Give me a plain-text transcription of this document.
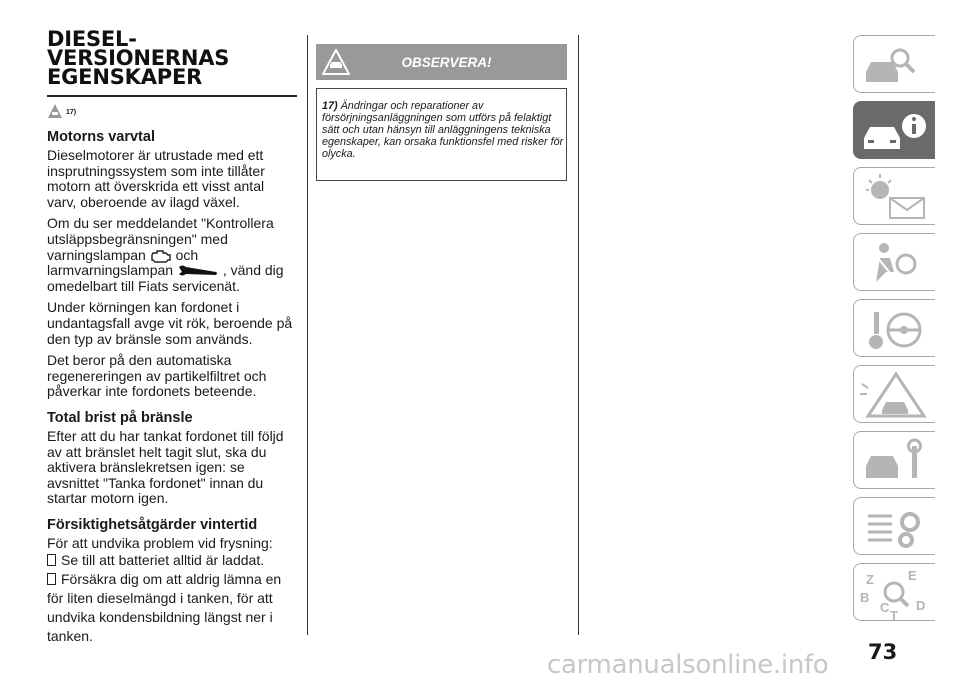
DIESEL-
VERSIONERNAS
EGENSKAPER
17)
Motorns varvtal

Dieselmotorer är utrustade med ett insprutningssystem som inte tillåter motorn att överskrida ett visst antal varv, oberoende av ilagd växel.

Om du ser meddelandet "Kontrollera utsläppsbegränsningen" med varningslampan och larmvarningslampan	, vänd dig omedelbart till Fiats servicenät.

Under körningen kan fordonet i undantagsfall avge vit rök, beroende på den typ av bränsle som används.

Det beror på den automatiska regenereringen av partikelfiltret och påverkar inte fordonets beteende.

Total brist på bränsle

Efter att du har tankat fordonet till följd av att bränslet helt tagit slut, ska du aktivera bränslekretsen igen: se avsnittet "Tanka fordonet" innan du startar motorn igen.

Försiktighetsåtgärder vintertid

För att undvika problem vid frysning:

Se till att batteriet alltid är laddat.
Försäkra dig om att aldrig lämna en
för liten dieselmängd i tanken, för att
undvika kondensbildning längst ner i
tanken.
OBSERVERA!
17) Ändringar och reparationer av försörjningsanläggningen som utförs på felaktigt sätt och utan hänsyn till anläggningens tekniska egenskaper, kan orsaka funktionsfel med risker för olycka.
Z	E
B
C D
T
carmanualsonline.info 73
